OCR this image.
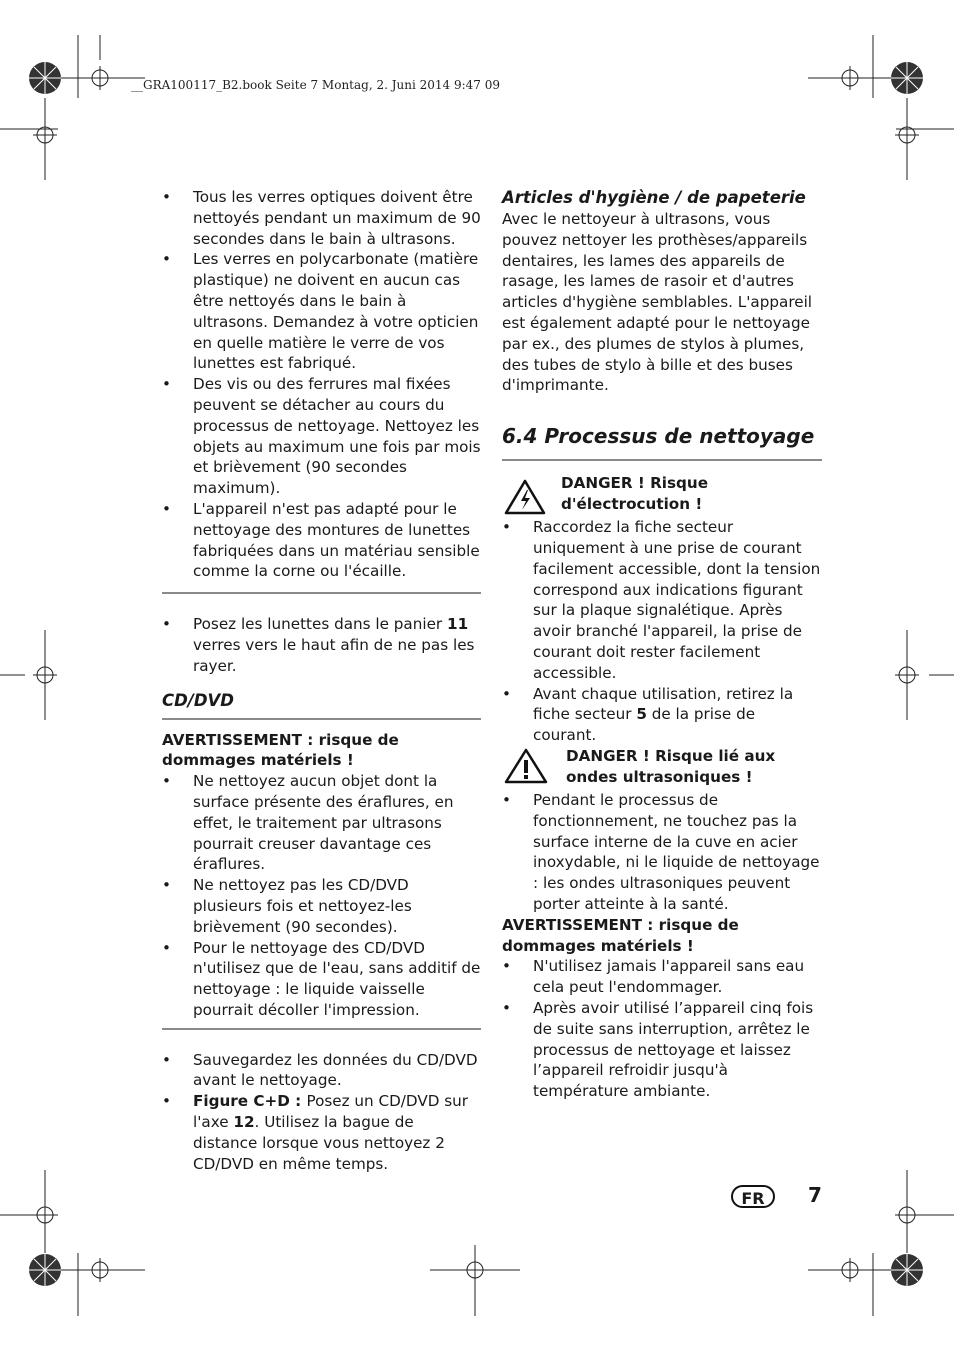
__GRA100117_B2.book Seite 7 Montag, 2. Juni 2014 9:47 09

• Tous les verres optiques doivent être nettoyés pendant un maximum de 90 secondes dans le bain à ultrasons.

• Les verres en polycarbonate (matière plastique) ne doivent en aucun cas être nettoyés dans le bain à ultrasons. Demandez à votre opticien en quelle matière le verre de vos lunettes est fabriqué.

• Des vis ou des ferrures mal fixées peuvent se détacher au cours du processus de nettoyage. Nettoyez les objets au maximum une fois par mois et brièvement (90 secondes maximum).

• L'appareil n'est pas adapté pour le nettoyage des montures de lunettes fabriquées dans un matériau sensible comme la corne ou l'écaille.

• Posez les lunettes dans le panier 11 verres vers le haut afin de ne pas les rayer.

CD/DVD

AVERTISSEMENT : risque de dommages matériels !

• Ne nettoyez aucun objet dont la surface présente des éraflures, en effet, le traitement par ultrasons pourrait creuser davantage ces éraflures.

• Ne nettoyez pas les CD/DVD plusieurs fois et nettoyez-les brièvement (90 secondes).

• Pour le nettoyage des CD/DVD n'utilisez que de l'eau, sans additif de nettoyage : le liquide vaisselle pourrait décoller l'impression.

• Sauvegardez les données du CD/DVD avant le nettoyage.

• Figure C+D : Posez un CD/DVD sur l'axe 12. Utilisez la bague de distance lorsque vous nettoyez 2 CD/DVD en même temps.

Articles d'hygiène / de papeterie

Avec le nettoyeur à ultrasons, vous pouvez nettoyer les prothèses/appareils dentaires, les lames des appareils de rasage, les lames de rasoir et d'autres articles d'hygiène semblables. L'appareil est également adapté pour le nettoyage par ex., des plumes de stylos à plumes, des tubes de stylo à bille et des buses d'imprimante.

6.4 Processus de nettoyage

DANGER ! Risque d'électrocution !

• Raccordez la fiche secteur uniquement à une prise de courant facilement accessible, dont la tension correspond aux indications figurant sur la plaque signalétique. Après avoir branché l'appareil, la prise de courant doit rester facilement accessible.

• Avant chaque utilisation, retirez la fiche secteur 5 de la prise de courant.

DANGER ! Risque lié aux ondes ultrasoniques !

• Pendant le processus de fonctionnement, ne touchez pas la surface interne de la cuve en acier inoxydable, ni le liquide de nettoyage : les ondes ultrasoniques peuvent porter atteinte à la santé.

AVERTISSEMENT : risque de dommages matériels !

• N'utilisez jamais l'appareil sans eau cela peut l'endommager.

• Après avoir utilisé l’appareil cinq fois de suite sans interruption, arrêtez le processus de nettoyage et laissez l’appareil refroidir jusqu'à température ambiante.

FR	7
